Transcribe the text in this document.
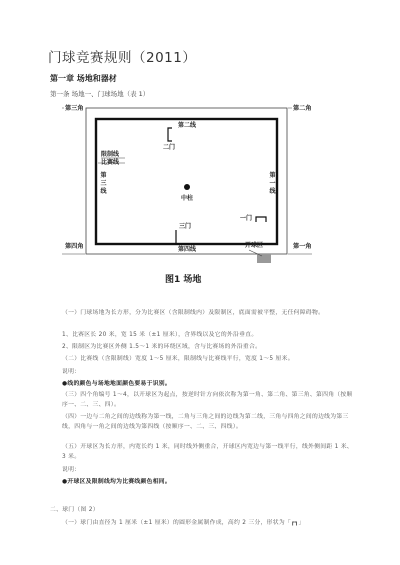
门球竞赛规则（2011）
第一章 场地和器材
第一条 场地一、门球场地（表 1）
第三角	第二角
第四角	第一角
第二线
第四线
第三线
第一线
限制线
比赛线
二门
三门
一门
中柱
开球区
图1 场地
（一）门球场地为长方形，分为比赛区（含限制线内）及限制区，底面需被平整，无任何障碍物。
1、比赛区长 20 米，宽 15 米（±1 厘米），含界线以及它的外沿垂直。
2、限制区为比赛区外侧 1.5～1 米的环绕区域，含与比赛场的外沿重合。
（二）比赛线（含限制线）宽度 1～5 厘米，限制线与比赛线平行，宽度 1～5 厘米。
说明：
●线的颜色与场地地面颜色要易于识别。
（三）四个角编号 1～4，以开球区为起点，按逆时针方向依次称为第一角、第二角、第三角、第四角（按顺序一、二、三、四）。
（四）一边与二角之间的边线称为第一线，二角与三角之间的边线为第二线，三角与四角之间的边线为第三线，四角与一角之间的边线为第四线（按顺序一、二、三、四线）。
（五）开球区为长方形，内宽长约 1 米，同时线外侧重合，开球区内宽边与第一线平行，线外侧间距 1 米、3 米。
说明：
●开球区及限制线均为比赛线颜色相同。
二、球门（图 2）
（一）球门由直径为 1 厘米（±1 厘米）的圆形金属制作成，高约 2 三分，形状为「┏┓」
